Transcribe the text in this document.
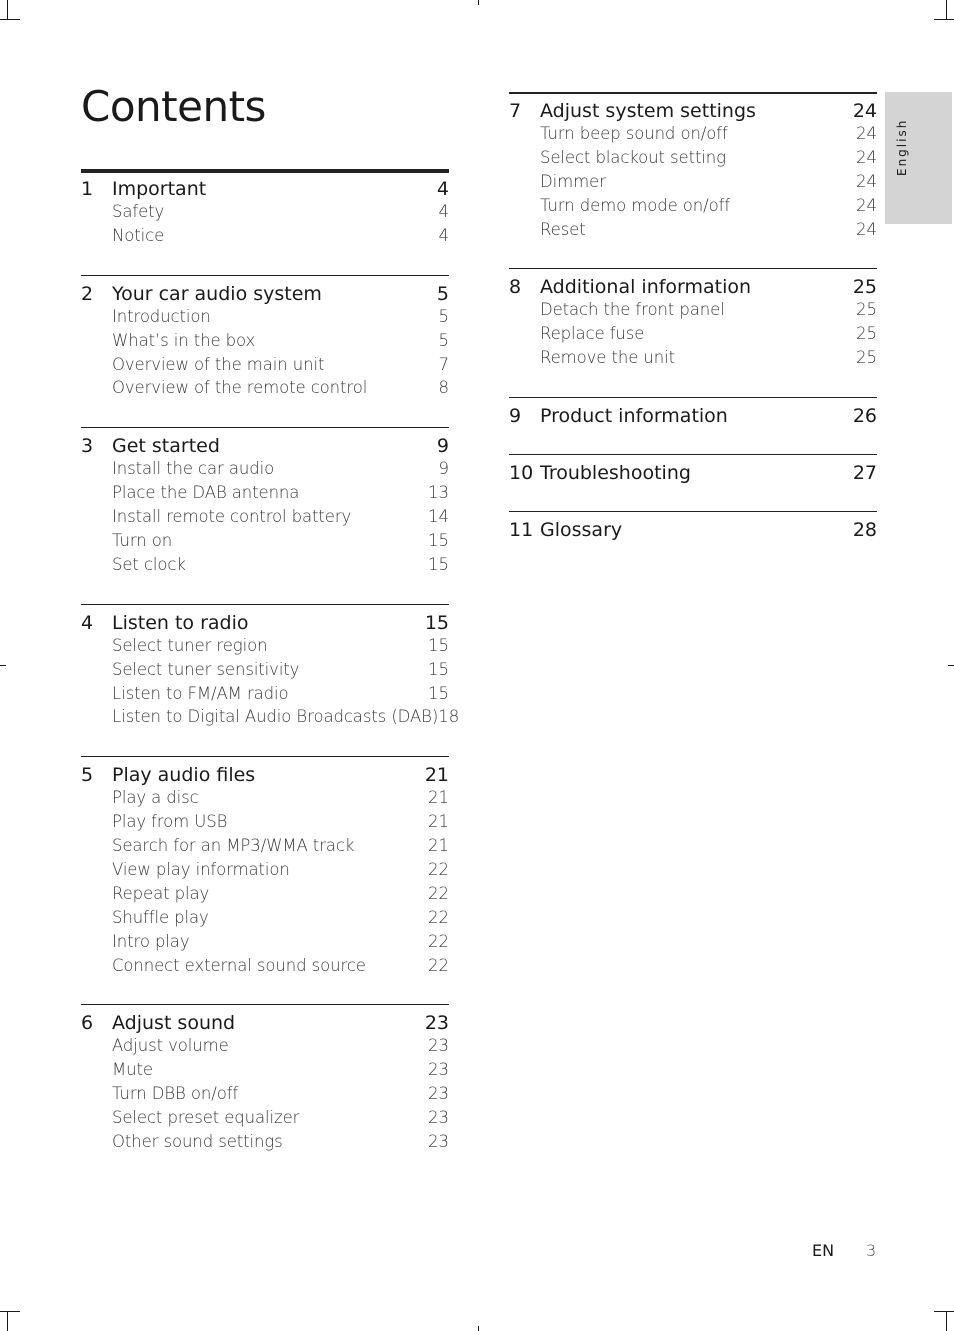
Contents
English
1 Important	4
Safety	4
Notice	4
2 Your car audio system	5
Introduction	5
What’s in the box	5
Overview of the main unit	7
Overview of the remote control	8
3 Get started	9
Install the car audio	9
Place the DAB antenna	13
Install remote control battery	14
Turn on	15
Set clock	15
4 Listen to radio	15
Select tuner region	15
Select tuner sensitivity	15
Listen to FM/AM radio	15
Listen to Digital Audio Broadcasts (DAB) 18
5 Play audio files	21
Play a disc	21
Play from USB	21
Search for an MP3/WMA track	21
View play information	22
Repeat play	22
Shuffle play	22
Intro play	22
Connect external sound source	22
6 Adjust sound	23
Adjust volume	23
Mute	23
Turn DBB on/off	23
Select preset equalizer	23
Other sound settings	23
7 Adjust system settings	24
Turn beep sound on/off	24
Select blackout setting	24
Dimmer	24
Turn demo mode on/off	24
Reset	24
8 Additional information	25
Detach the front panel	25
Replace fuse	25
Remove the unit	25
9 Product information	26
10 Troubleshooting	27
11 Glossary	28
EN 3
